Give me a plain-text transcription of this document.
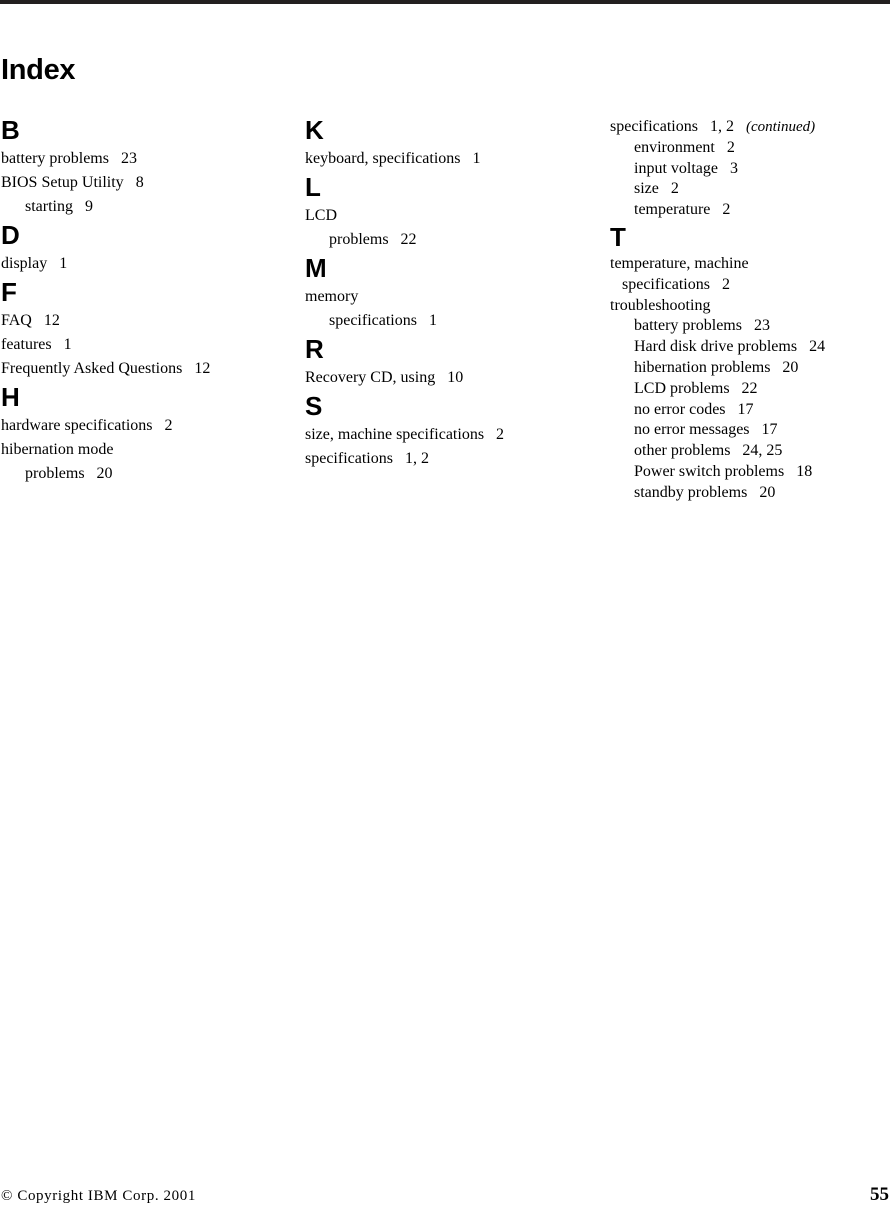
Index
B
battery problems 23
BIOS Setup Utility 8
starting 9
D
display 1
F
FAQ 12
features 1
Frequently Asked Questions 12
H
hardware specifications 2
hibernation mode
problems 20
K
keyboard, specifications 1
L
LCD
problems 22
M
memory
specifications 1
R
Recovery CD, using 10
S
size, machine specifications 2
specifications 1, 2
specifications 1, 2 (continued)
environment 2
input voltage 3
size 2
temperature 2
T
temperature, machine
specifications 2
troubleshooting
battery problems 23
Hard disk drive problems 24
hibernation problems 20
LCD problems 22
no error codes 17
no error messages 17
other problems 24, 25
Power switch problems 18
standby problems 20
© Copyright IBM Corp. 2001	55
